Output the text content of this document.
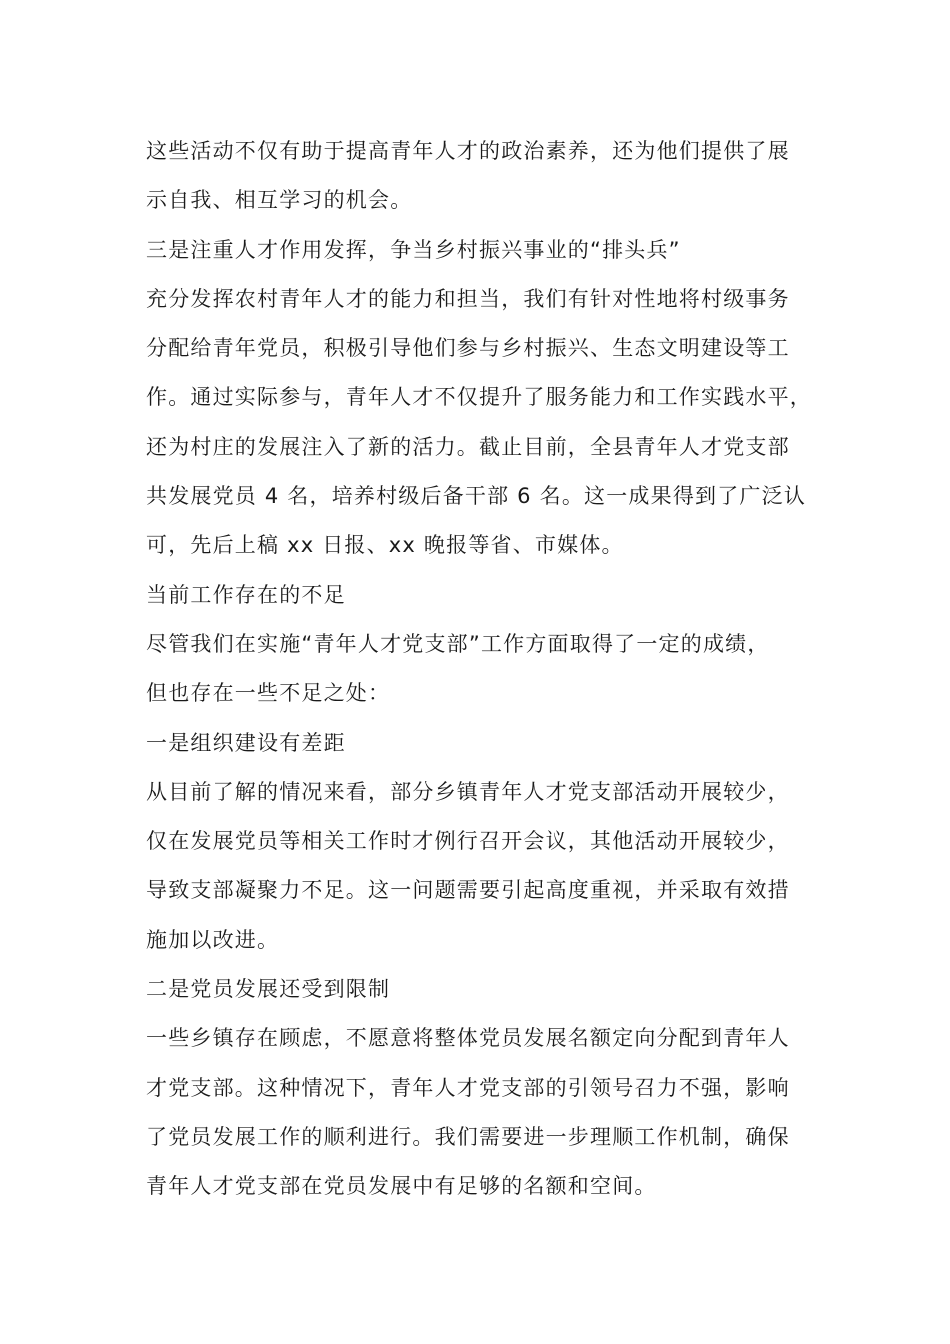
这些活动不仅有助于提高青年人才的政治素养，还为他们提供了展
示自我、相互学习的机会。
三是注重人才作用发挥，争当乡村振兴事业的“排头兵”
充分发挥农村青年人才的能力和担当，我们有针对性地将村级事务
分配给青年党员，积极引导他们参与乡村振兴、生态文明建设等工
作。通过实际参与，青年人才不仅提升了服务能力和工作实践水平，
还为村庄的发展注入了新的活力。截止目前，全县青年人才党支部
共发展党员 4 名，培养村级后备干部 6 名。这一成果得到了广泛认
可，先后上稿 xx 日报、xx 晚报等省、市媒体。
当前工作存在的不足
尽管我们在实施“青年人才党支部”工作方面取得了一定的成绩，
但也存在一些不足之处：
一是组织建设有差距
从目前了解的情况来看，部分乡镇青年人才党支部活动开展较少，
仅在发展党员等相关工作时才例行召开会议，其他活动开展较少，
导致支部凝聚力不足。这一问题需要引起高度重视，并采取有效措
施加以改进。
二是党员发展还受到限制
一些乡镇存在顾虑，不愿意将整体党员发展名额定向分配到青年人
才党支部。这种情况下，青年人才党支部的引领号召力不强，影响
了党员发展工作的顺利进行。我们需要进一步理顺工作机制，确保
青年人才党支部在党员发展中有足够的名额和空间。
